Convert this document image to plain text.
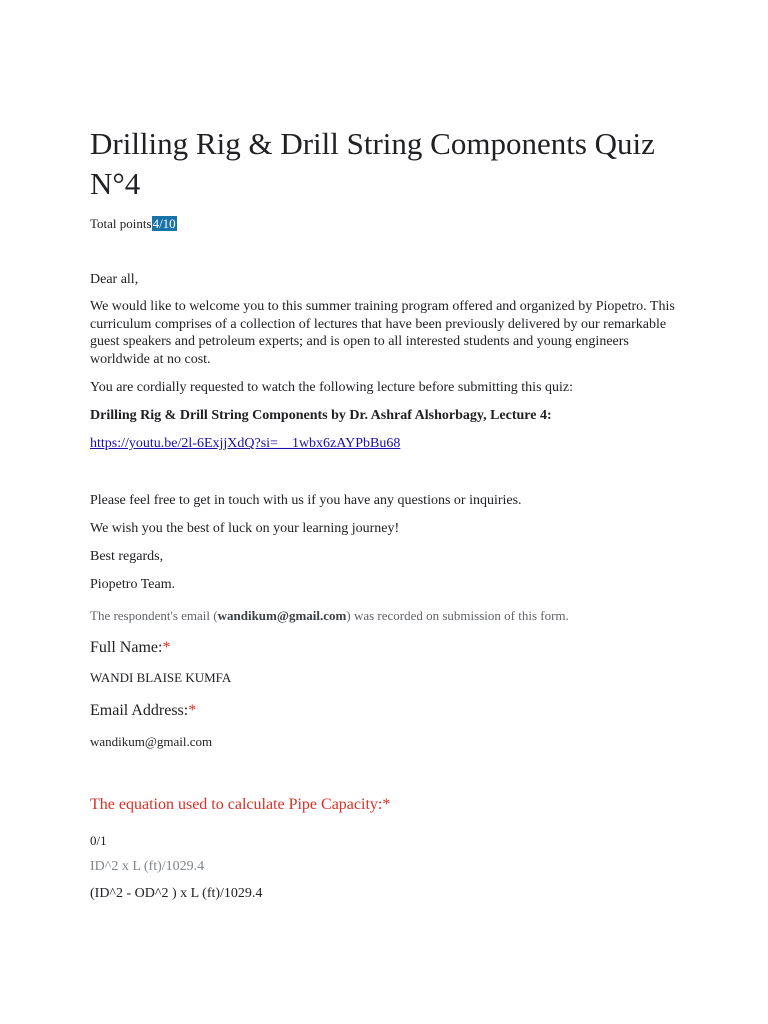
Drilling Rig & Drill String Components Quiz N°4
Total points4/10

Dear all,

We would like to welcome you to this summer training program offered and organized by Piopetro. This curriculum comprises of a collection of lectures that have been previously delivered by our remarkable guest speakers and petroleum experts; and is open to all interested students and young engineers worldwide at no cost.

You are cordially requested to watch the following lecture before submitting this quiz:

Drilling Rig & Drill String Components by Dr. Ashraf Alshorbagy, Lecture 4:

https://youtu.be/2l-6ExjjXdQ?si=__1wbx6zAYPbBu68

Please feel free to get in touch with us if you have any questions or inquiries.

We wish you the best of luck on your learning journey!

Best regards,

Piopetro Team.

The respondent's email (wandikum@gmail.com) was recorded on submission of this form.

Full Name:*
WANDI BLAISE KUMFA
Email Address:*
wandikum@gmail.com
The equation used to calculate Pipe Capacity:*
0/1
ID^2 x L (ft)/1029.4
(ID^2 - OD^2 ) x L (ft)/1029.4
